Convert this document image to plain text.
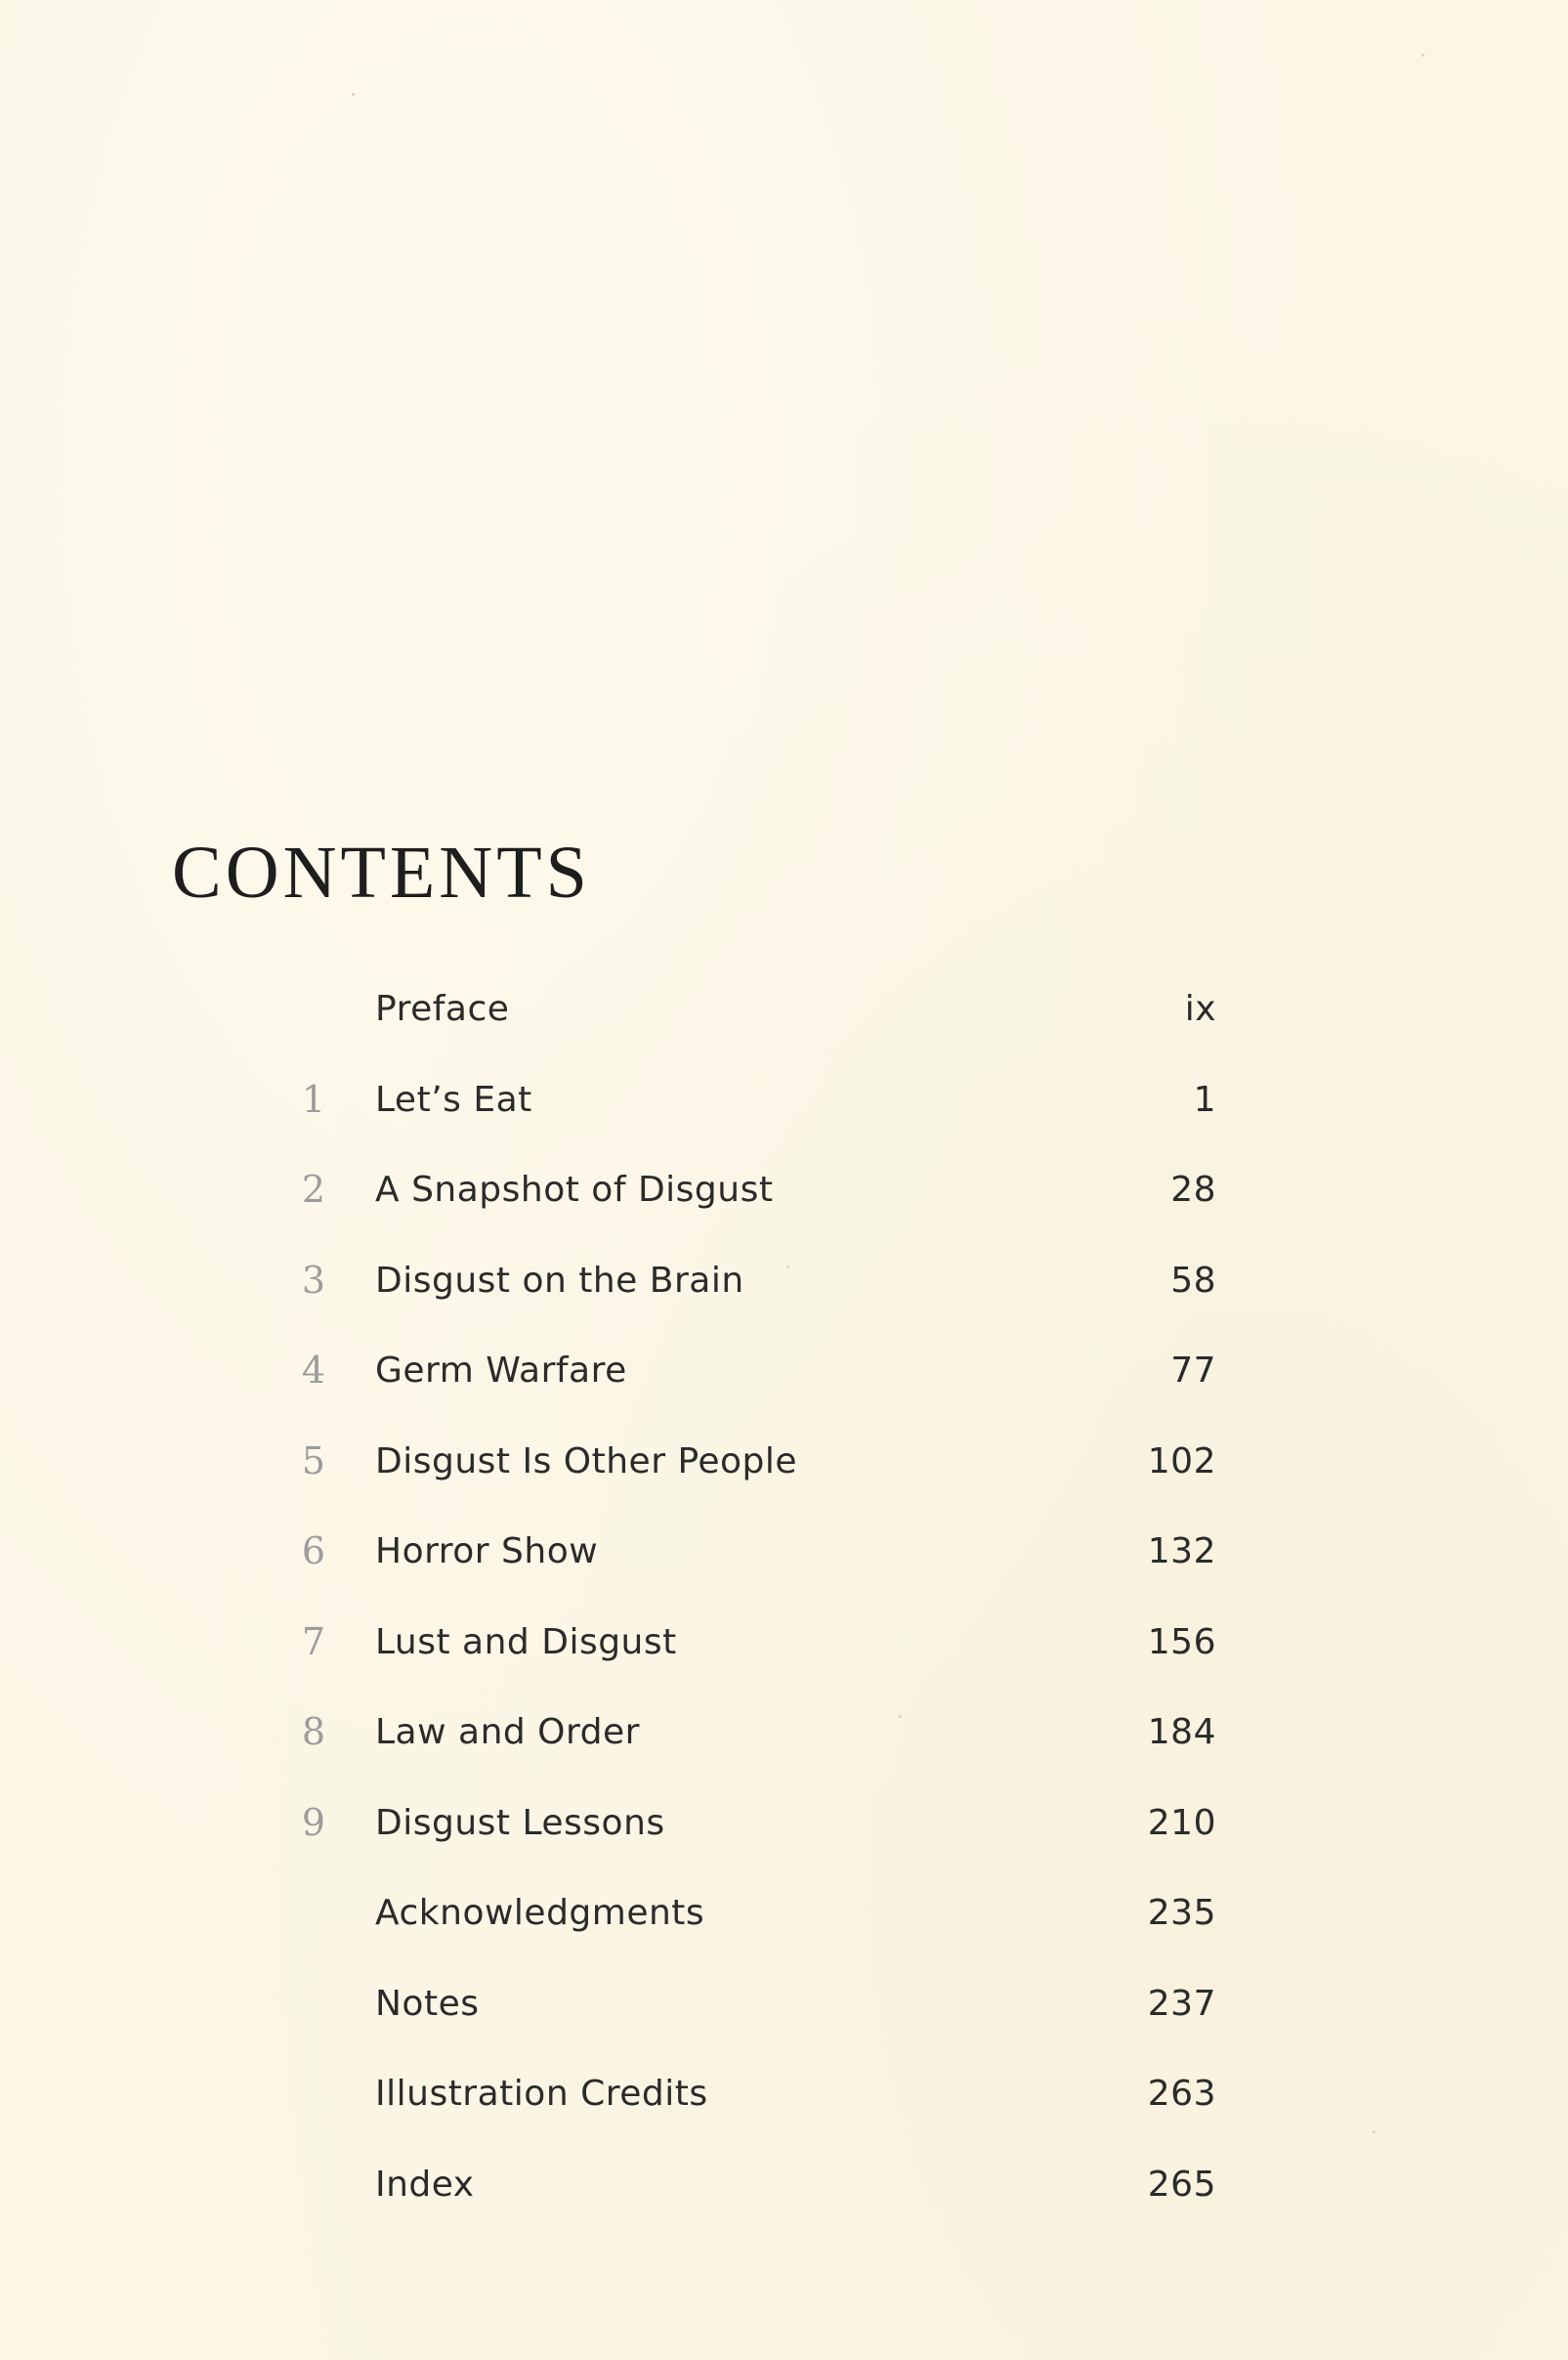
CONTENTS
Preface	ix
1 Let’s Eat	1
2 A Snapshot of Disgust	28
3 Disgust on the Brain	58
4 Germ Warfare	77
5 Disgust Is Other People	102
6 Horror Show	132
7 Lust and Disgust	156
8 Law and Order	184
9 Disgust Lessons	210
Acknowledgments	235
Notes	237
Illustration Credits	263
Index	265
